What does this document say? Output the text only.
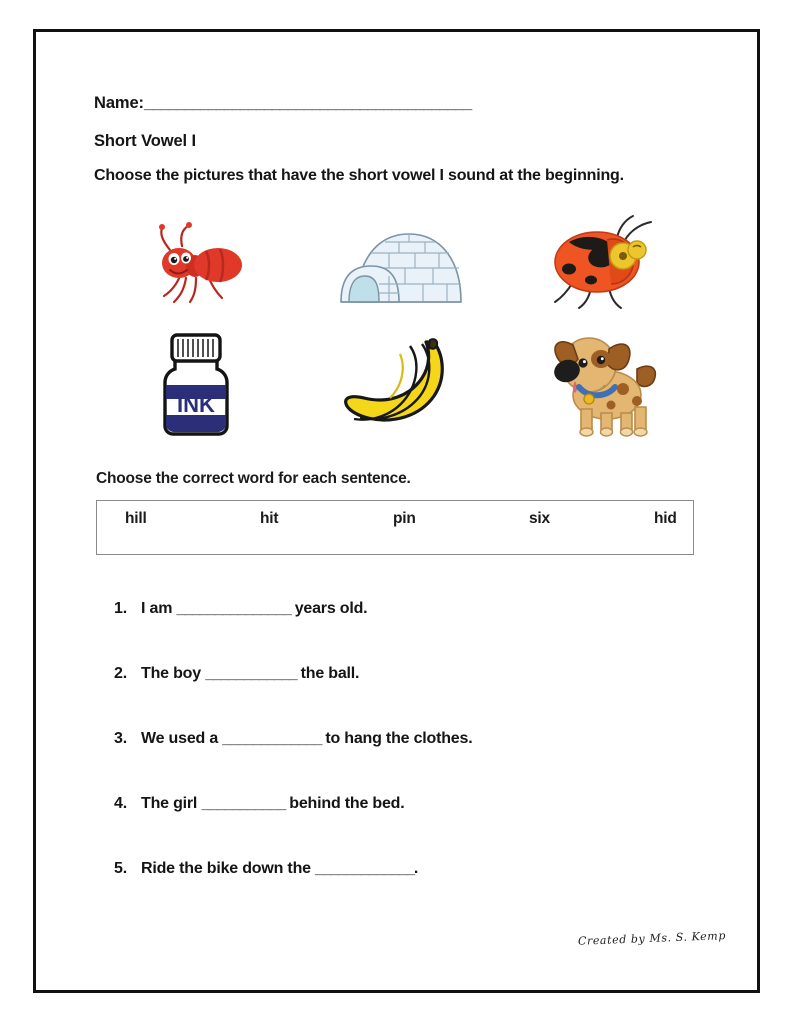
Name:_________________________________________
Short Vowel I
Choose the pictures that have the short vowel I sound at the beginning.
INK
Choose the correct word for each sentence.
hill	hit	pin	six	hid
1. I am _______________ years old.
2. The boy ____________ the ball.
3. We used a _____________ to hang the clothes.
4. The girl ___________ behind the bed.
5. Ride the bike down the _____________.
Created by Ms. S. Kemp
